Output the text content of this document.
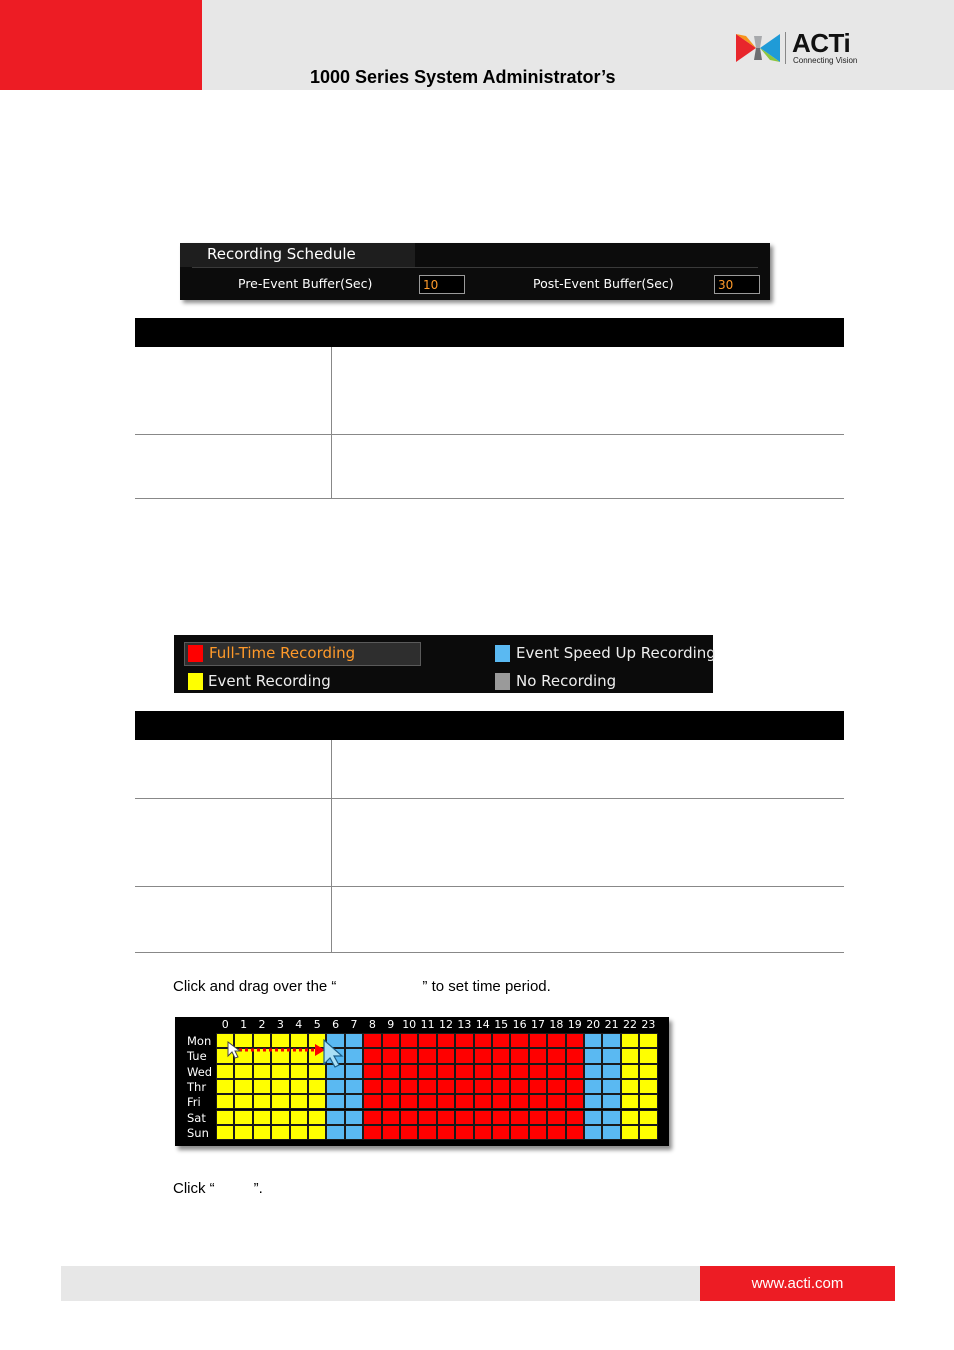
1000 Series System Administrator’s
ACTi
Connecting Vision
Recording Schedule
Pre-Event Buffer(Sec)	10	Post-Event Buffer(Sec)	30

Full-Time Recording	Event Speed Up Recording
Event Recording	No Recording

Click and drag over the “	” to set time period.
0	1	2	3	4	5	6	7	8	9 10 11 12 13 14 15 16 17 18 19 20 21 22 23
Mon
Tue
Wed
Thr
Fri
Sat
Sun
Click “	”.
www.acti.com
